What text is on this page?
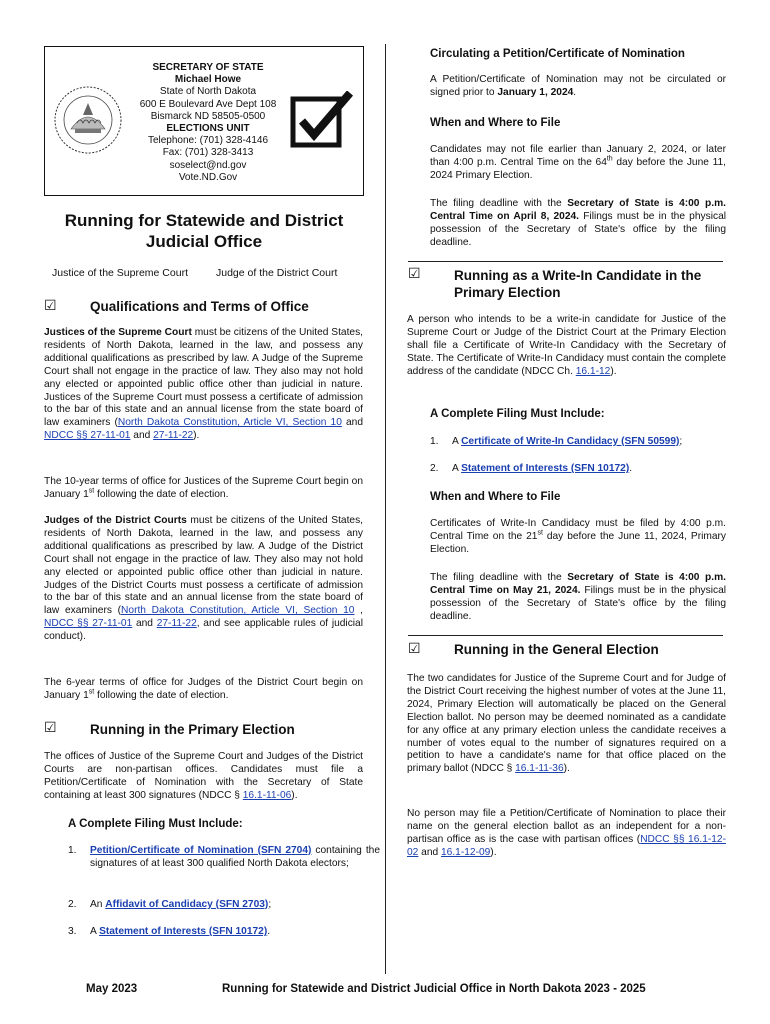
SECRETARY OF STATE
Michael Howe
State of North Dakota
600 E Boulevard Ave Dept 108
Bismarck ND 58505-0500
ELECTIONS UNIT
Telephone: (701) 328-4146
Fax: (701) 328-3413
soselect@nd.gov
Vote.ND.Gov
Running for Statewide and District
Judicial Office
Justice of the Supreme Court	Judge of the District Court
☑ Qualifications and Terms of Office
Justices of the Supreme Court must be citizens of the United States, residents of North Dakota, learned in the law, and possess any additional qualifications as prescribed by law. A Judge of the Supreme Court shall not engage in the practice of law. They also may not hold any elected or appointed public office other than judicial in nature. Justices of the Supreme Court must possess a certificate of admission to the bar of this state and an annual license from the state board of law examiners (North Dakota Constitution, Article VI, Section 10 and NDCC §§ 27-11-01 and 27-11-22).
The 10-year terms of office for Justices of the Supreme Court begin on January 1st following the date of election.
Judges of the District Courts must be citizens of the United States, residents of North Dakota, learned in the law, and possess any additional qualifications as prescribed by law. A Judge of the District Court shall not engage in the practice of law. They also may not hold any elected or appointed public office other than judicial in nature. Judges of the District Courts must possess a certificate of admission to the bar of this state and an annual license from the state board of law examiners (North Dakota Constitution, Article VI, Section 10 , NDCC §§ 27-11-01 and 27-11-22, and see applicable rules of judicial conduct).
The 6-year terms of office for Judges of the District Court begin on January 1st following the date of election.
☑ Running in the Primary Election
The offices of Justice of the Supreme Court and Judges of the District Courts are non-partisan offices. Candidates must file a Petition/Certificate of Nomination with the Secretary of State containing at least 300 signatures (NDCC § 16.1-11-06).
A Complete Filing Must Include:
1. Petition/Certificate of Nomination (SFN 2704) containing the signatures of at least 300 qualified North Dakota electors;
2. An Affidavit of Candidacy (SFN 2703);
3. A Statement of Interests (SFN 10172).
Circulating a Petition/Certificate of Nomination
A Petition/Certificate of Nomination may not be circulated or signed prior to January 1, 2024.
When and Where to File
Candidates may not file earlier than January 2, 2024, or later than 4:00 p.m. Central Time on the 64th day before the June 11, 2024 Primary Election.
The filing deadline with the Secretary of State is 4:00 p.m. Central Time on April 8, 2024. Filings must be in the physical possession of the Secretary of State's office by the filing deadline.
☑ Running as a Write-In Candidate in the
Primary Election
A person who intends to be a write-in candidate for Justice of the Supreme Court or Judge of the District Court at the Primary Election shall file a Certificate of Write-In Candidacy with the Secretary of State. The Certificate of Write-In Candidacy must contain the complete address of the candidate (NDCC Ch. 16.1-12).
A Complete Filing Must Include:
1. A Certificate of Write-In Candidacy (SFN 50599);
2. A Statement of Interests (SFN 10172).
When and Where to File
Certificates of Write-In Candidacy must be filed by 4:00 p.m. Central Time on the 21st day before the June 11, 2024, Primary Election.
The filing deadline with the Secretary of State is 4:00 p.m. Central Time on May 21, 2024. Filings must be in the physical possession of the Secretary of State's office by the filing deadline.
☑ Running in the General Election
The two candidates for Justice of the Supreme Court and for Judge of the District Court receiving the highest number of votes at the June 11, 2024, Primary Election will automatically be placed on the General Election ballot. No person may be deemed nominated as a candidate for any office at any primary election unless the candidate receives a number of votes equal to the number of signatures required on a petition to have a candidate's name for that office placed on the primary ballot (NDCC § 16.1-11-36).
No person may file a Petition/Certificate of Nomination to place their name on the general election ballot as an independent for a non-partisan office as is the case with partisan offices (NDCC §§ 16.1-12-02 and 16.1-12-09).
May 2023	Running for Statewide and District Judicial Office in North Dakota 2023 - 2025
